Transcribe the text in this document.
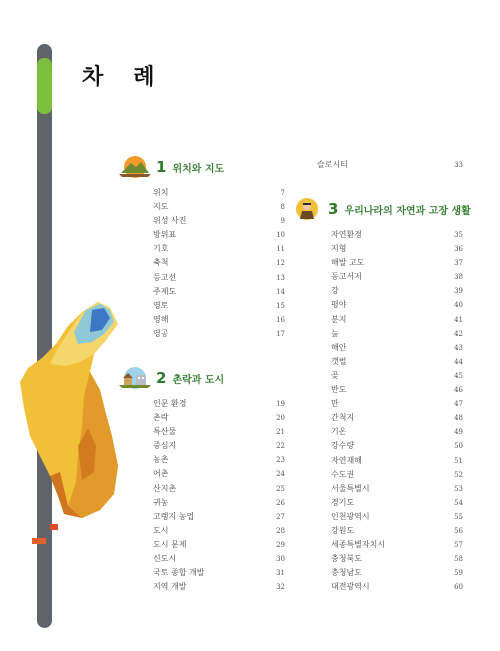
차 례
1 위치와 지도
위치	7
지도	8
위성 사진	9
방위표	10
기호	11
축척	12
등고선	13
주제도	14
영토	15
영해	16
영공	17
2 촌락과 도시
인문 환경	19
촌락	20
특산물	21
중심지	22
농촌	23
어촌	24
산지촌	25
귀농	26
고랭지 농업	27
도시	28
도시 문제	29
신도시	30
국토 종합 개발	31
지역 개발	32
슬로시티	33
3 우리나라의 자연과 고장 생활
자연환경	35
지형	36
해발 고도	37
동고서저	38
강	39
평야	40
분지	41
늪	42
해안	43
갯벌	44
곶	45
반도	46
만	47
간척지	48
기온	49
강수량	50
자연재해	51
수도권	52
서울특별시	53
경기도	54
인천광역시	55
강원도	56
세종특별자치시	57
충청북도	58
충청남도	59
대전광역시	60
